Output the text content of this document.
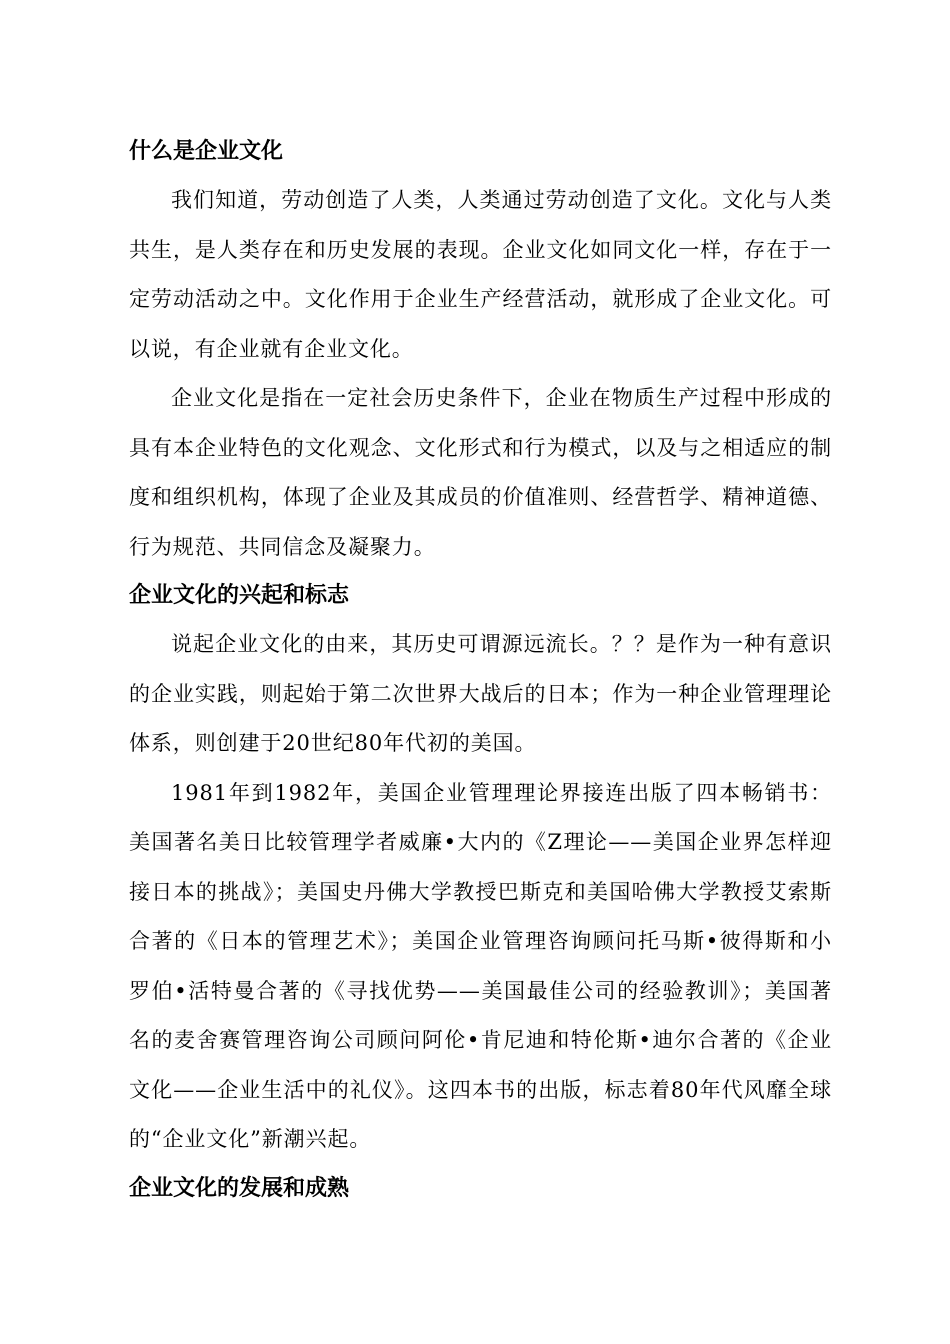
什么是企业文化

我们知道，劳动创造了人类，人类通过劳动创造了文化。文化与人类共生，是人类存在和历史发展的表现。企业文化如同文化一样，存在于一定劳动活动之中。文化作用于企业生产经营活动，就形成了企业文化。可以说，有企业就有企业文化。

企业文化是指在一定社会历史条件下，企业在物质生产过程中形成的具有本企业特色的文化观念、文化形式和行为模式，以及与之相适应的制度和组织机构，体现了企业及其成员的价值准则、经营哲学、精神道德、行为规范、共同信念及凝聚力。

企业文化的兴起和标志

说起企业文化的由来，其历史可谓源远流长。？？是作为一种有意识的企业实践，则起始于第二次世界大战后的日本；作为一种企业管理理论体系，则创建于20世纪80年代初的美国。

1981年到1982年，美国企业管理理论界接连出版了四本畅销书：美国著名美日比较管理学者威廉•大内的《Z理论——美国企业界怎样迎接日本的挑战》；美国史丹佛大学教授巴斯克和美国哈佛大学教授艾索斯合著的《日本的管理艺术》；美国企业管理咨询顾问托马斯•彼得斯和小罗伯•活特曼合著的《寻找优势——美国最佳公司的经验教训》；美国著名的麦舍赛管理咨询公司顾问阿伦•肯尼迪和特伦斯•迪尔合著的《企业文化——企业生活中的礼仪》。这四本书的出版，标志着80年代风靡全球的“企业文化”新潮兴起。

企业文化的发展和成熟
